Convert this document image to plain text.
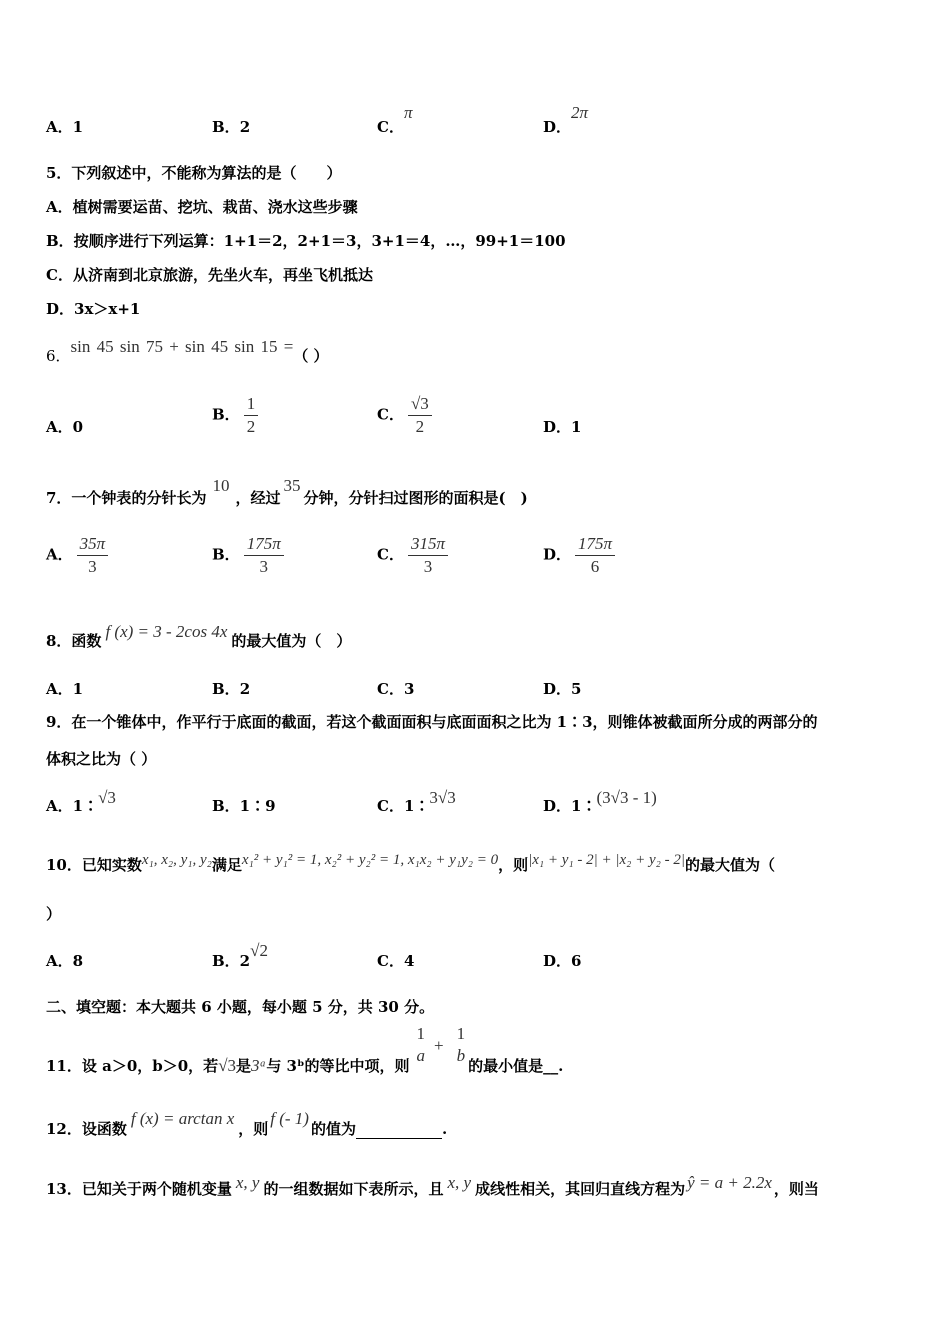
A．1	B．2	C．π
D．2π
5．下列叙述中，不能称为算法的是（　　）
A．植树需要运苗、挖坑、栽苗、浇水这些步骤
B．按顺序进行下列运算：1+1＝2，2+1＝3，3+1＝4，…，99+1＝100
C．从济南到北京旅游，先坐火车，再坐飞机抵达
D．3x＞x+1
6．sin 45 sin 75 + sin 45 sin 15 =（ ）
A．0
B． $\frac{1}{2}$	C． $\frac{√3}{2}$	D．1
7．一个钟表的分针长为10，经过35分钟，分针扫过图形的面积是(　)
A． $\frac{35\pi}{3}$	B． $\frac{175\pi}{3}$	C． $\frac{315\pi}{3}$	D． $\frac{175\pi}{6}$
8．函数 f (x) = 3 - 2cos 4x 的最大值为（　）
A．1	B．2	C．3	D．5
9．在一个锥体中，作平行于底面的截面，若这个截面面积与底面面积之比为 1∶3，则锥体被截面所分成的两部分的
体积之比为（ ）
A．1∶√3	B．1∶9	C．1∶3√3	D．1∶(3√3 - 1)
10．已知实数x₁, x₂, y₁, y₂满足x₁² + y₁² = 1, x₂² + y₂² = 1, x₁x₂ + y₁y₂ = 0，则|x₁ + y₁ - 2| + |x₂ + y₂ - 2|的最大值为（
）
A．8	B．2√2
C．4	D．6
二、填空题：本大题共 6 小题，每小题 5 分，共 30 分。
11．设 a＞0，b＞0，若√3是3ᵃ与 3ᵇ的等比中项，则
1
a
+
1
b
的最小值是__.
12．设函数f (x) = arctan x，则f (- 1)的值为	.
13．已知关于两个随机变量 x, y 的一组数据如下表所示，且 x, y 成线性相关，其回归直线方程为 ŷ = a + 2.2x ，则当
